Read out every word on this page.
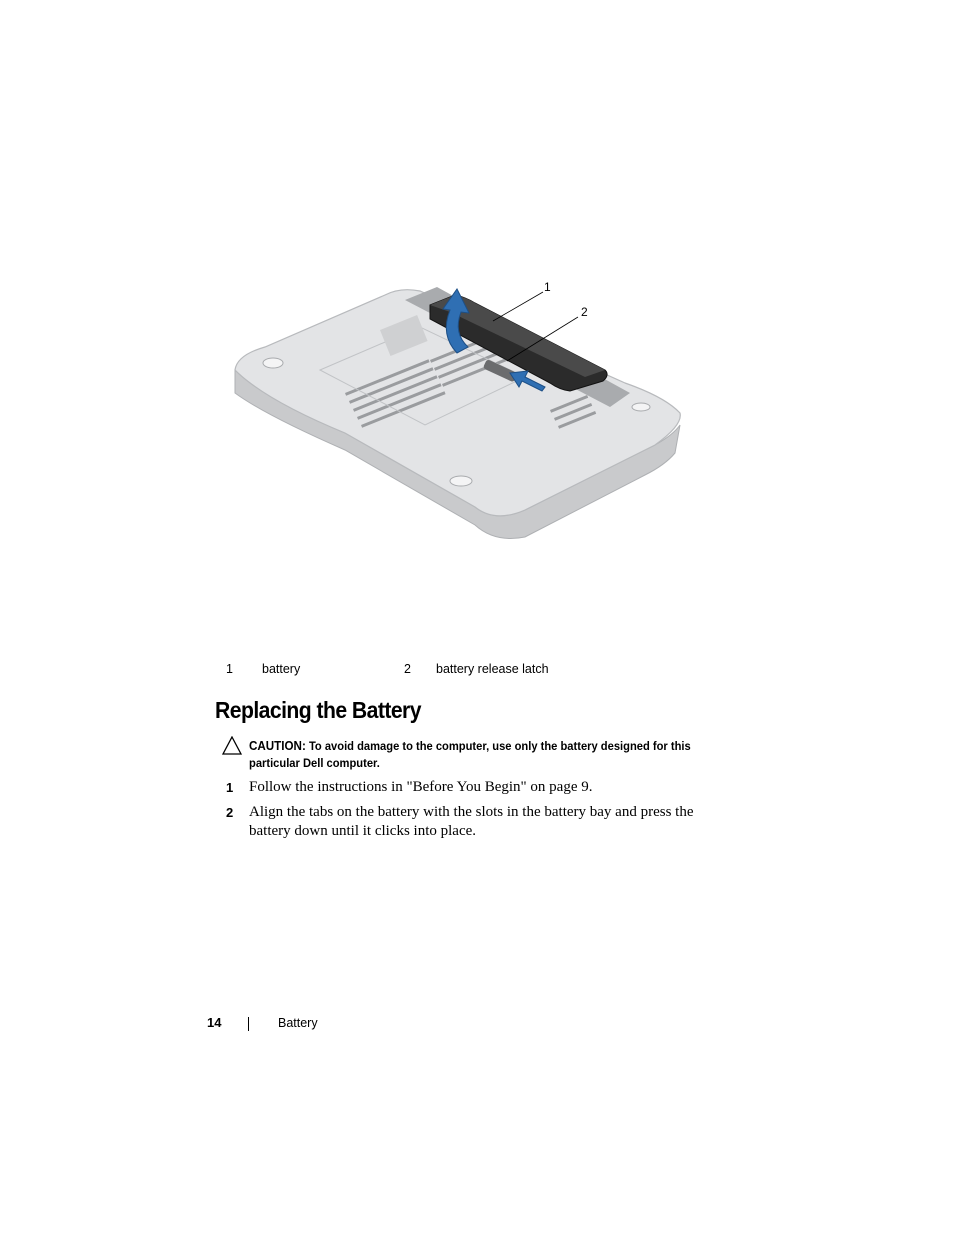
1
2
1 battery	2 battery release latch
Replacing the Battery
CAUTION: To avoid damage to the computer, use only the battery designed for this particular Dell computer.
1 Follow the instructions in "Before You Begin" on page 9.
2 Align the tabs on the battery with the slots in the battery bay and press the battery down until it clicks into place.
14	Battery
